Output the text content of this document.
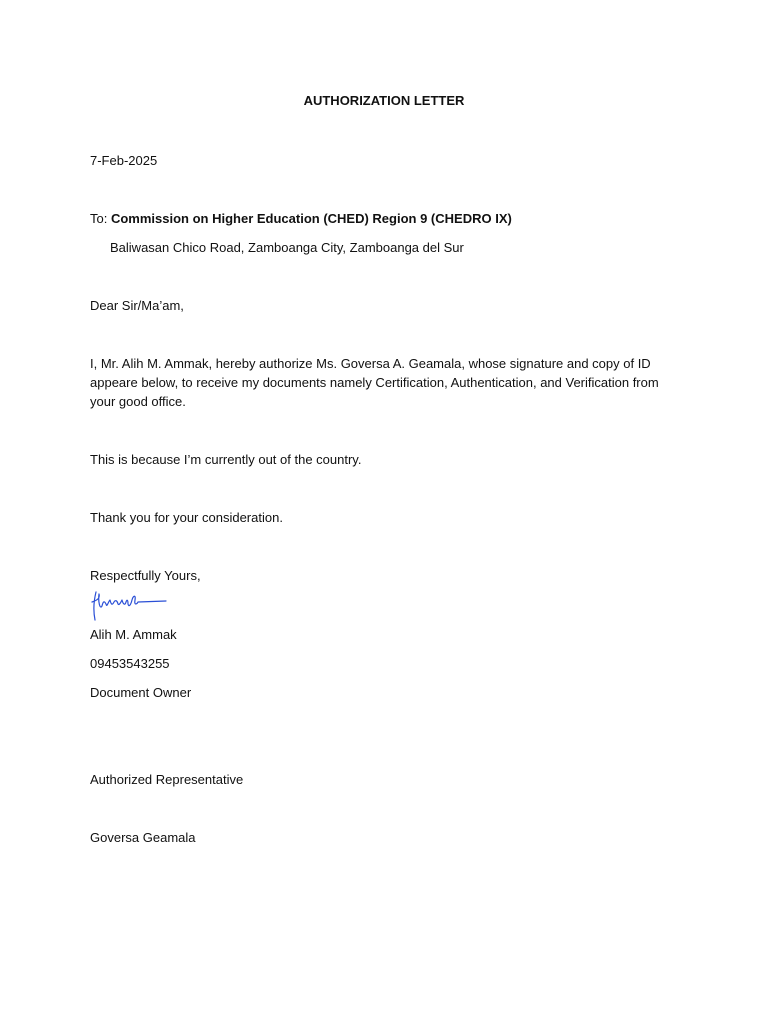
AUTHORIZATION LETTER
7-Feb-2025
To: Commission on Higher Education (CHED) Region 9 (CHEDRO IX)
Baliwasan Chico Road, Zamboanga City, Zamboanga del Sur
Dear Sir/Ma’am,
I, Mr. Alih M. Ammak, hereby authorize Ms. Goversa A. Geamala, whose signature and copy of ID appeare below, to receive my documents namely Certification, Authentication, and Verification from your good office.
This is because I’m currently out of the country.
Thank you for your consideration.
Respectfully Yours,
Alih M. Ammak
09453543255
Document Owner
Authorized Representative
Goversa Geamala
